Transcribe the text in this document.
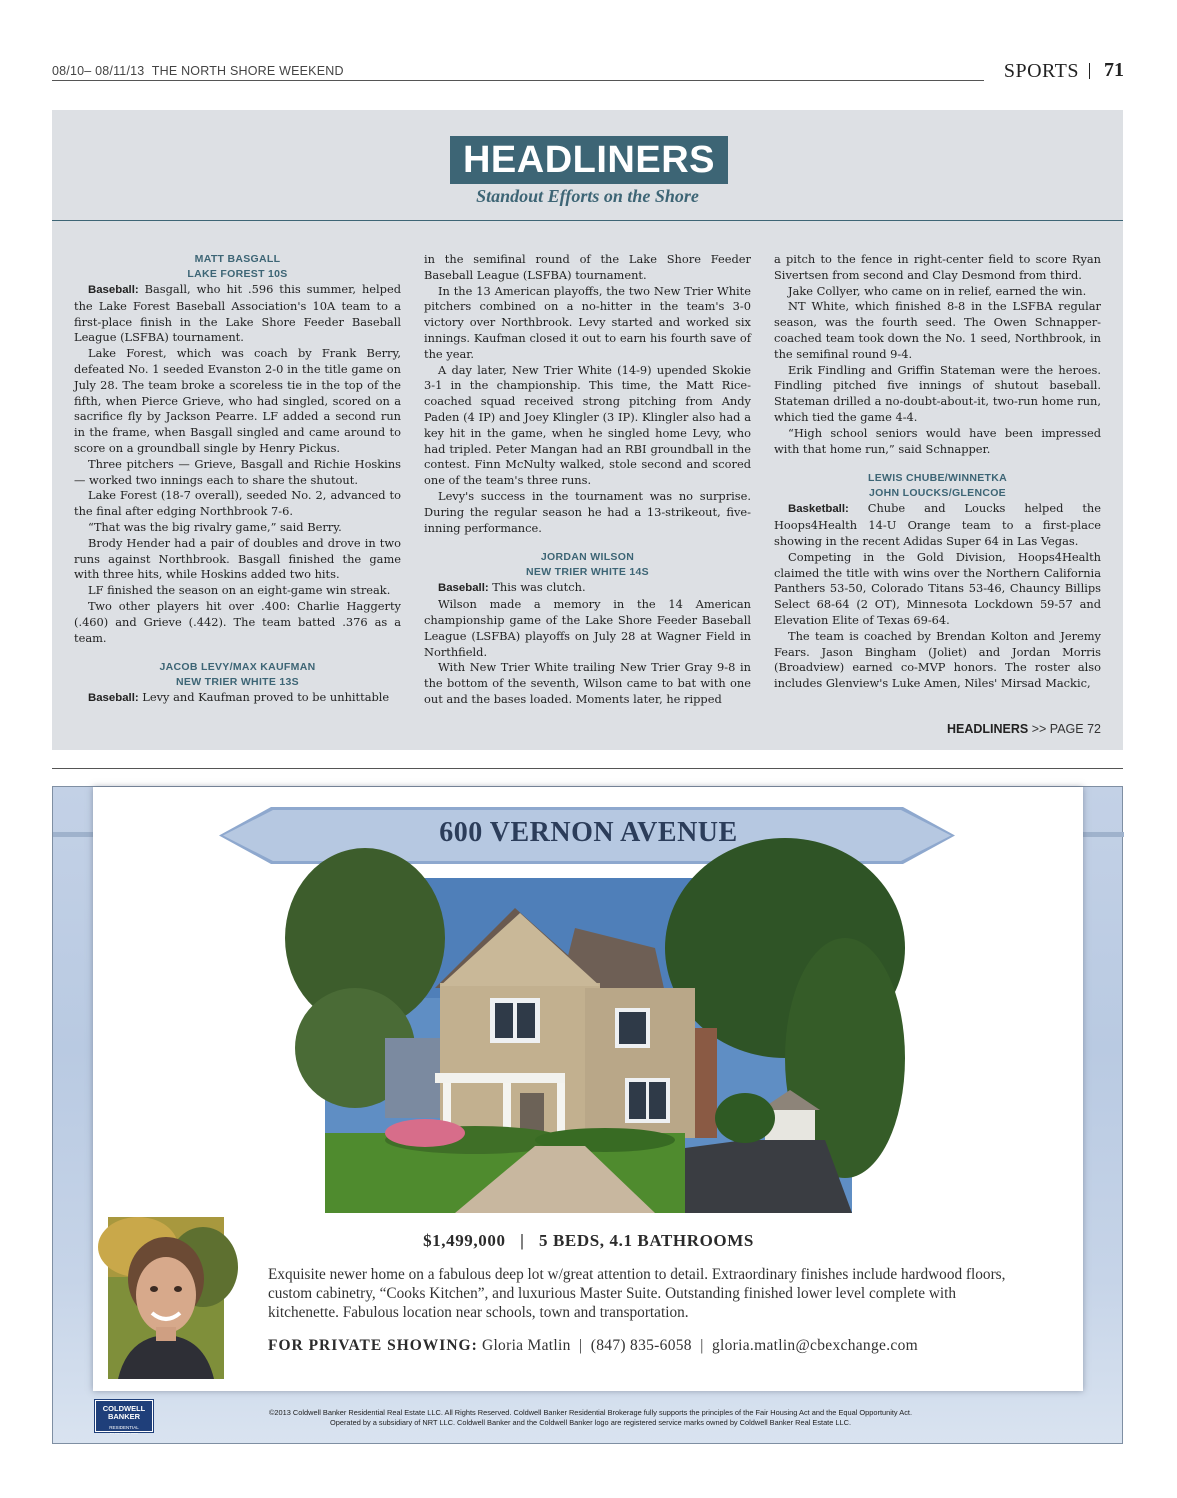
08/10– 08/11/13 THE NORTH SHORE WEEKEND	SPORTS 71
HEADLINERS
Standout Efforts on the Shore

MATT BASGALL

LAKE FOREST 10S

Baseball: Basgall, who hit .596 this summer, helped the Lake Forest Baseball Association's 10A team to a first-place finish in the Lake Shore Feeder Baseball League (LSFBA) tournament.

Lake Forest, which was coach by Frank Berry, defeated No. 1 seeded Evanston 2-0 in the title game on July 28. The team broke a scoreless tie in the top of the fifth, when Pierce Grieve, who had singled, scored on a sacrifice fly by Jackson Pearre. LF added a second run in the frame, when Basgall singled and came around to score on a groundball single by Henry Pickus.

Three pitchers — Grieve, Basgall and Richie Hoskins — worked two innings each to share the shutout.

Lake Forest (18-7 overall), seeded No. 2, advanced to the final after edging Northbrook 7-6.

“That was the big rivalry game,” said Berry.

Brody Hender had a pair of doubles and drove in two runs against Northbrook. Basgall finished the game with three hits, while Hoskins added two hits.

LF finished the season on an eight-game win streak.

Two other players hit over .400: Charlie Haggerty (.460) and Grieve (.442). The team batted .376 as a team.

JACOB LEVY/MAX KAUFMAN

NEW TRIER WHITE 13S

Baseball: Levy and Kaufman proved to be unhittable

in the semifinal round of the Lake Shore Feeder Baseball League (LSFBA) tournament.

In the 13 American playoffs, the two New Trier White pitchers combined on a no-hitter in the team's 3-0 victory over Northbrook. Levy started and worked six innings. Kaufman closed it out to earn his fourth save of the year.

A day later, New Trier White (14-9) upended Skokie 3-1 in the championship. This time, the Matt Rice-coached squad received strong pitching from Andy Paden (4 IP) and Joey Klingler (3 IP). Klingler also had a key hit in the game, when he singled home Levy, who had tripled. Peter Mangan had an RBI groundball in the contest. Finn McNulty walked, stole second and scored one of the team's three runs.

Levy's success in the tournament was no surprise. During the regular season he had a 13-strikeout, five-inning performance.

JORDAN WILSON

NEW TRIER WHITE 14S

Baseball: This was clutch.

Wilson made a memory in the 14 American championship game of the Lake Shore Feeder Baseball League (LSFBA) playoffs on July 28 at Wagner Field in Northfield.

With New Trier White trailing New Trier Gray 9-8 in the bottom of the seventh, Wilson came to bat with one out and the bases loaded. Moments later, he ripped

a pitch to the fence in right-center field to score Ryan Sivertsen from second and Clay Desmond from third.

Jake Collyer, who came on in relief, earned the win.

NT White, which finished 8-8 in the LSFBA regular season, was the fourth seed. The Owen Schnapper-coached team took down the No. 1 seed, Northbrook, in the semifinal round 9-4.

Erik Findling and Griffin Stateman were the heroes. Findling pitched five innings of shutout baseball. Stateman drilled a no-doubt-about-it, two-run home run, which tied the game 4-4.

“High school seniors would have been impressed with that home run,” said Schnapper.

LEWIS CHUBE/WINNETKA

JOHN LOUCKS/GLENCOE

Basketball: Chube and Loucks helped the Hoops4Health 14-U Orange team to a first-place showing in the recent Adidas Super 64 in Las Vegas.

Competing in the Gold Division, Hoops4Health claimed the title with wins over the Northern California Panthers 53-50, Colorado Titans 53-46, Chauncy Billips Select 68-64 (2 OT), Minnesota Lockdown 59-57 and Elevation Elite of Texas 69-64.

The team is coached by Brendan Kolton and Jeremy Fears. Jason Bingham (Joliet) and Jordan Morris (Broadview) earned co-MVP honors. The roster also includes Glenview's Luke Amen, Niles' Mirsad Mackic,

HEADLINERS >> PAGE 72
600 VERNON AVENUE
$1,499,000 | 5 BEDS, 4.1 BATHROOMS
Exquisite newer home on a fabulous deep lot w/great attention to detail. Extraordinary finishes include hardwood floors, custom cabinetry, “Cooks Kitchen”, and luxurious Master Suite. Outstanding finished lower level complete with kitchenette. Fabulous location near schools, town and transportation.
FOR PRIVATE SHOWING: Gloria Matlin  |  (847) 835-6058  |  gloria.matlin@cbexchange.com
COLDWELL
BANKER
RESIDENTIAL BROKERAGE
©2013 Coldwell Banker Residential Real Estate LLC. All Rights Reserved. Coldwell Banker Residential Brokerage fully supports the principles of the Fair Housing Act and the Equal Opportunity Act.
Operated by a subsidiary of NRT LLC. Coldwell Banker and the Coldwell Banker logo are registered service marks owned by Coldwell Banker Real Estate LLC.
